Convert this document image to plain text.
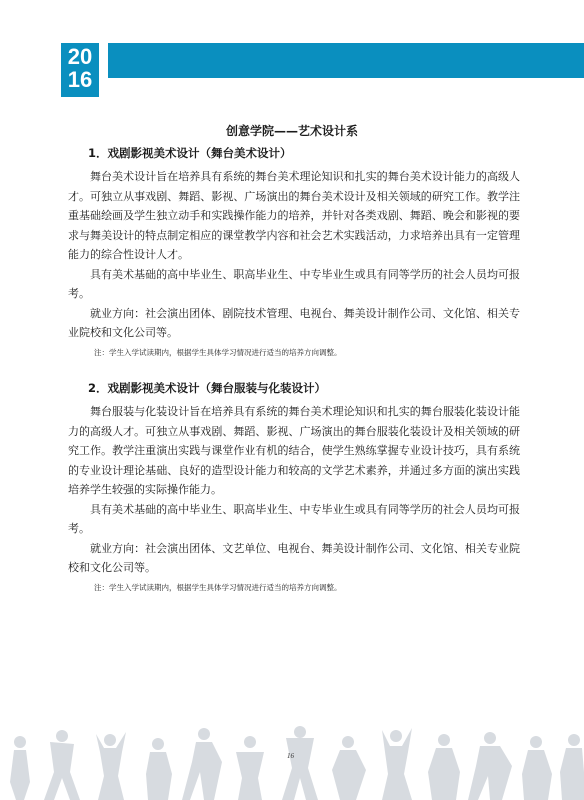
20
16
创意学院——艺术设计系
1．戏剧影视美术设计（舞台美术设计）

舞台美术设计旨在培养具有系统的舞台美术理论知识和扎实的舞台美术设计能力的高级人才。可独立从事戏剧、舞蹈、影视、广场演出的舞台美术设计及相关领域的研究工作。教学注重基础绘画及学生独立动手和实践操作能力的培养，并针对各类戏剧、舞蹈、晚会和影视的要求与舞美设计的特点制定相应的课堂教学内容和社会艺术实践活动，力求培养出具有一定管理能力的综合性设计人才。

具有美术基础的高中毕业生、职高毕业生、中专毕业生或具有同等学历的社会人员均可报考。

就业方向：社会演出团体、剧院技术管理、电视台、舞美设计制作公司、文化馆、相关专业院校和文化公司等。

注：学生入学试读期内，根据学生具体学习情况进行适当的培养方向调整。
2．戏剧影视美术设计（舞台服装与化装设计）

舞台服装与化装设计旨在培养具有系统的舞台美术理论知识和扎实的舞台服装化装设计能力的高级人才。可独立从事戏剧、舞蹈、影视、广场演出的舞台服装化装设计及相关领域的研究工作。教学注重演出实践与课堂作业有机的结合，使学生熟练掌握专业设计技巧，具有系统的专业设计理论基础、良好的造型设计能力和较高的文学艺术素养，并通过多方面的演出实践培养学生较强的实际操作能力。

具有美术基础的高中毕业生、职高毕业生、中专毕业生或具有同等学历的社会人员均可报考。

就业方向：社会演出团体、文艺单位、电视台、舞美设计制作公司、文化馆、相关专业院校和文化公司等。

注：学生入学试读期内，根据学生具体学习情况进行适当的培养方向调整。
16
